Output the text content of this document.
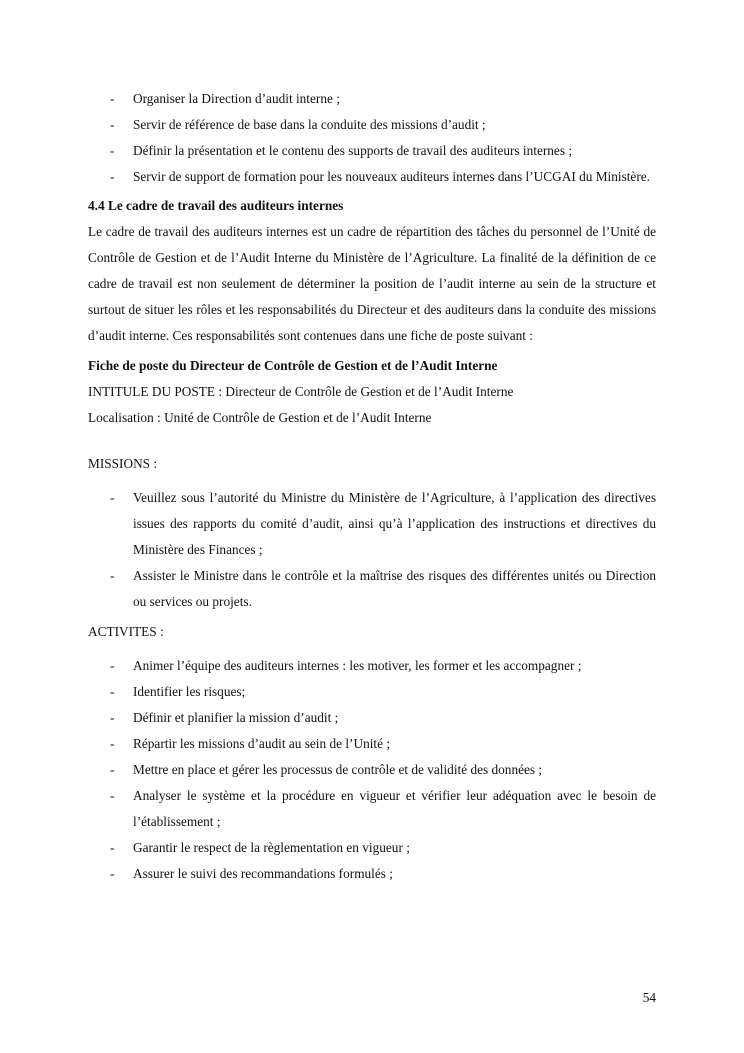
- Organiser la Direction d’audit interne ;
- Servir de référence de base dans la conduite des missions d’audit ;
- Définir la présentation et le contenu des supports de travail des auditeurs internes ;
- Servir de support de formation pour les nouveaux auditeurs internes dans l’UCGAI du Ministère.

4.4 Le cadre de travail des auditeurs internes

Le cadre de travail des auditeurs internes est un cadre de répartition des tâches du personnel de l’Unité de Contrôle de Gestion et de l’Audit Interne du Ministère de l’Agriculture. La finalité de la définition de ce cadre de travail est non seulement de déterminer la position de l’audit interne au sein de la structure et surtout de situer les rôles et les responsabilités du Directeur et des auditeurs dans la conduite des missions d’audit interne. Ces responsabilités sont contenues dans une fiche de poste suivant :

Fiche de poste du Directeur de Contrôle de Gestion et de l’Audit Interne

INTITULE DU POSTE : Directeur de Contrôle de Gestion et de l’Audit Interne

Localisation : Unité de Contrôle de Gestion et de l’Audit Interne

MISSIONS :

- Veuillez sous l’autorité du Ministre du Ministère de l’Agriculture, à l’application des directives issues des rapports du comité d’audit, ainsi qu’à l’application des instructions et directives du Ministère des Finances ;
- Assister le Ministre dans le contrôle et la maîtrise des risques des différentes unités ou Direction ou services ou projets.

ACTIVITES :

- Animer l’équipe des auditeurs internes : les motiver, les former et les accompagner ;
- Identifier les risques;
- Définir et planifier la mission d’audit ;
- Répartir les missions d’audit au sein de l’Unité ;
- Mettre en place et gérer les processus de contrôle et de validité des données ;
- Analyser le système et la procédure en vigueur et vérifier leur adéquation avec le besoin de l’établissement ;
- Garantir le respect de la règlementation en vigueur ;
- Assurer le suivi des recommandations formulés ;
54
